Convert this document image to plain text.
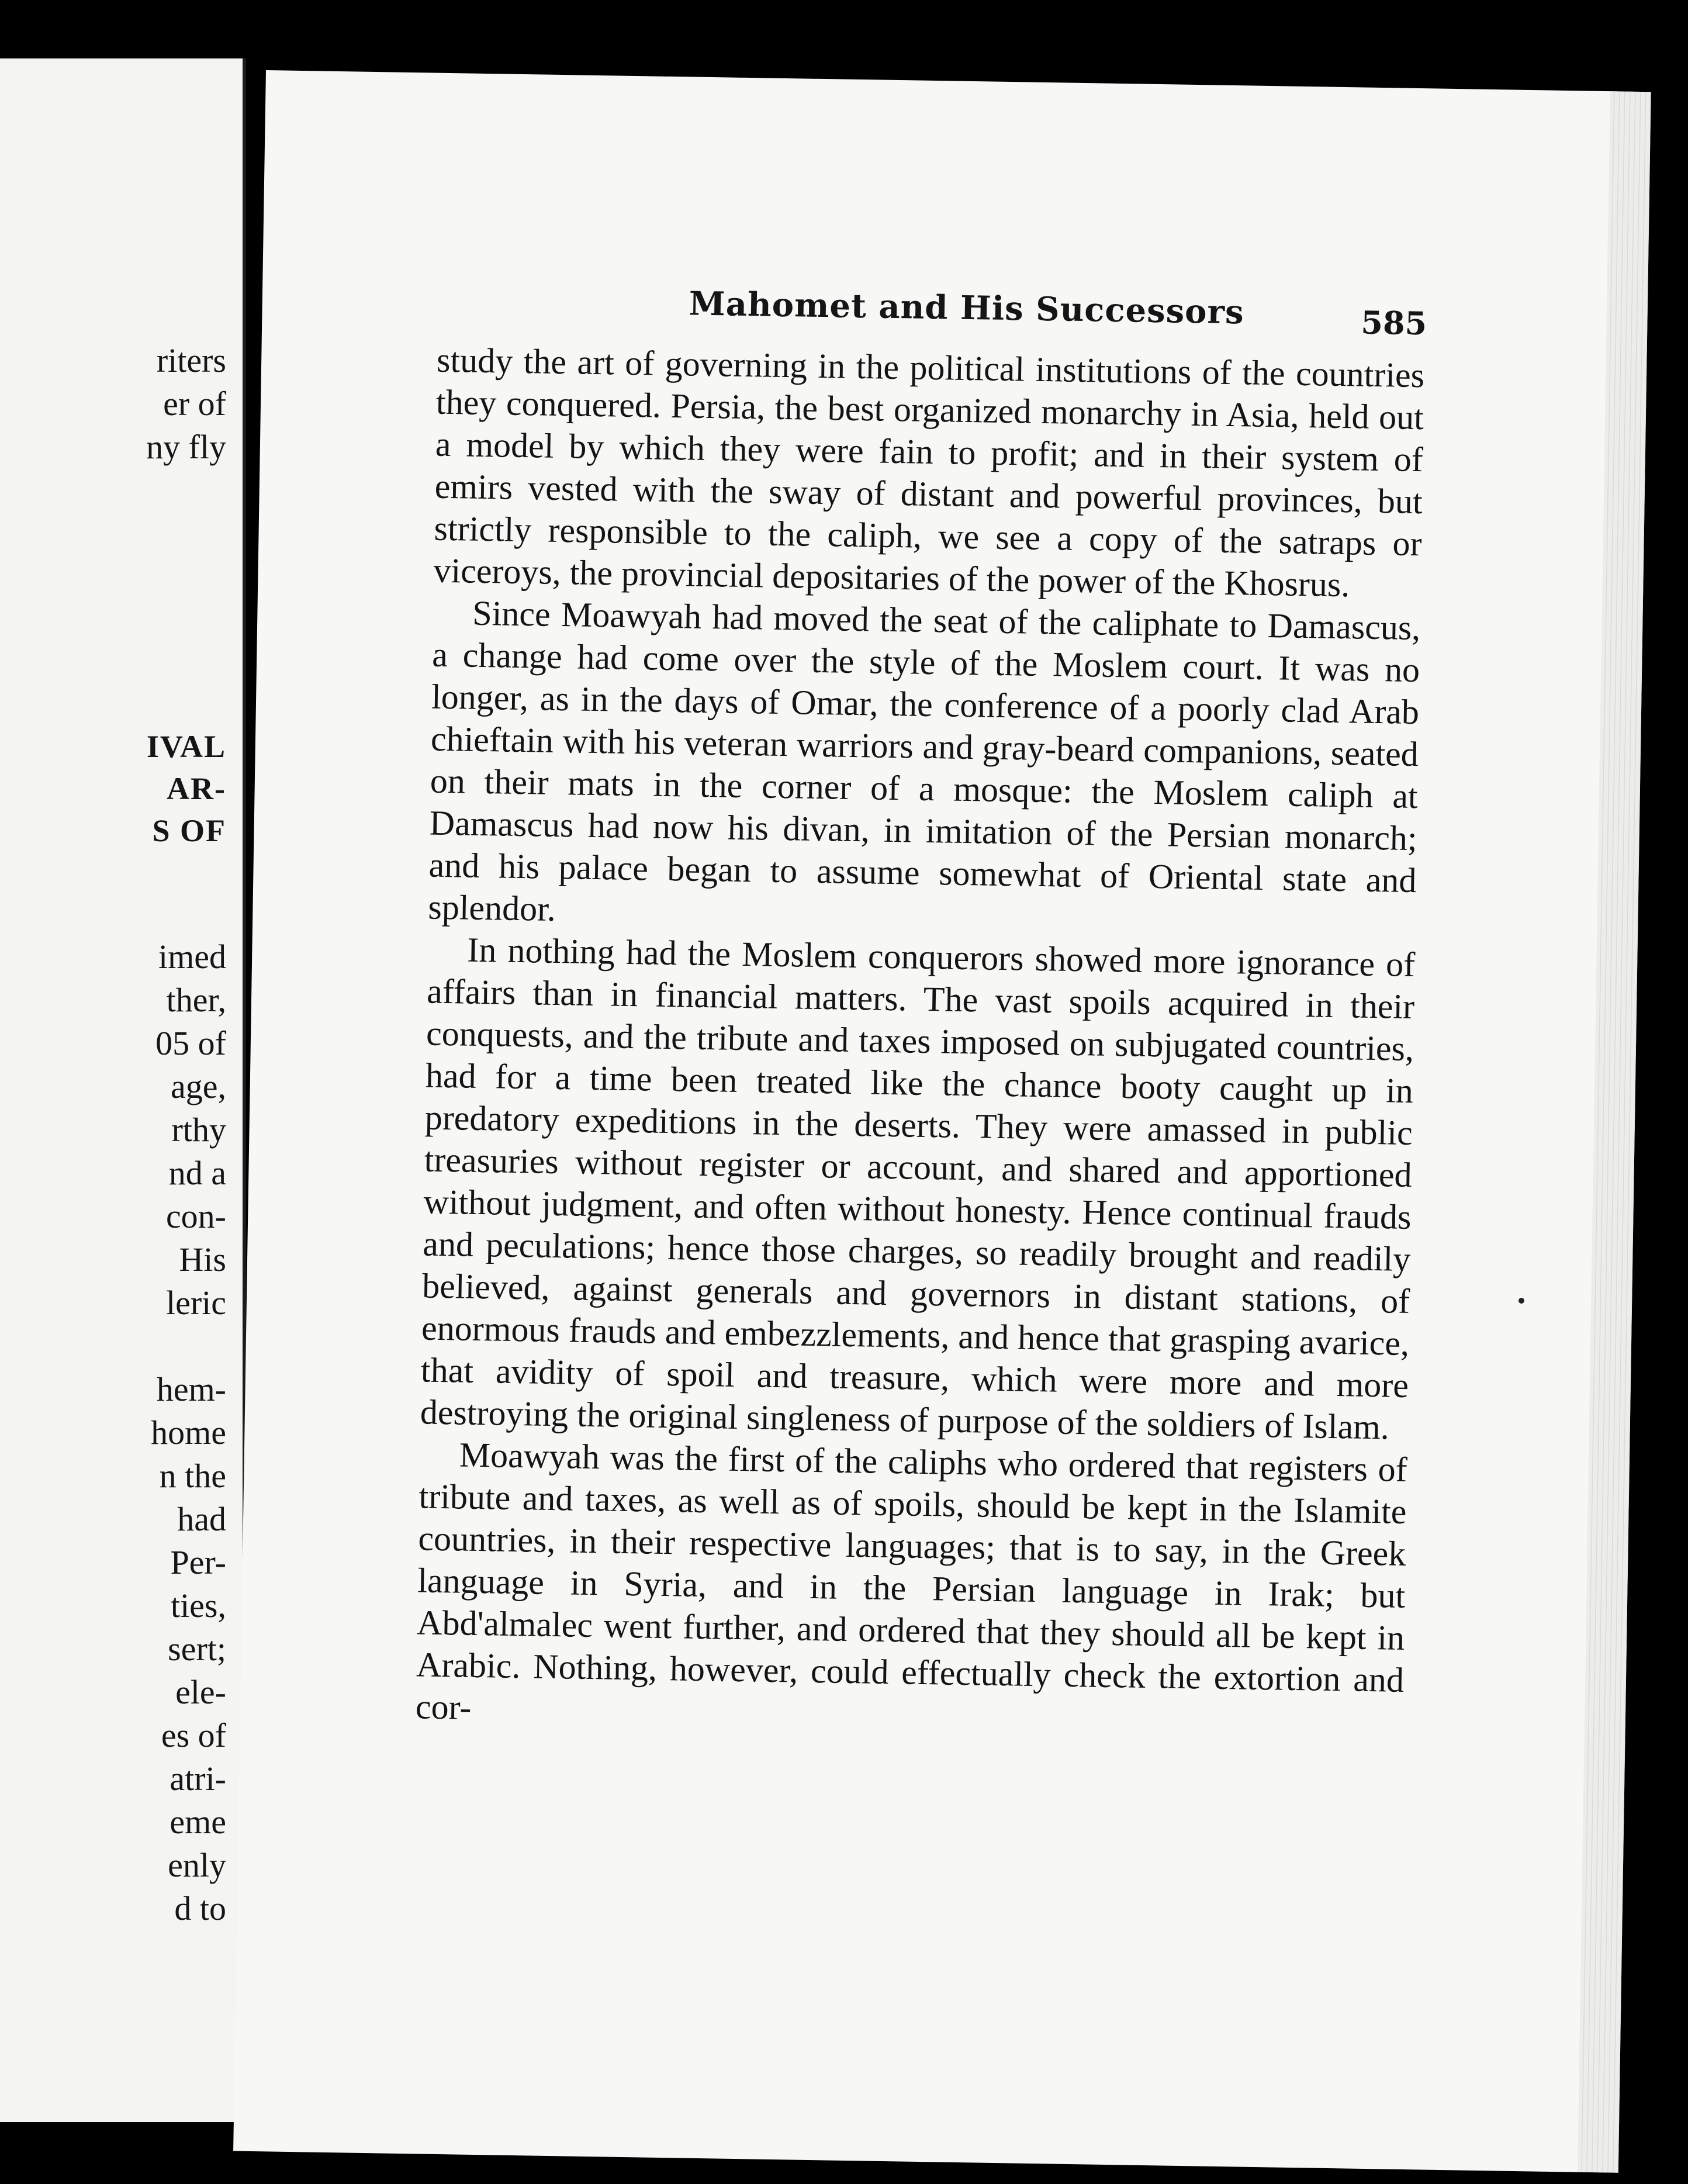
riters
er of
ny fly
IVAL
AR-
S OF
imed
ther,
05 of
age,
rthy
nd a
con-
His
leric
hem-
home
n the
had
Per-
ties,
sert;
ele-
es of
atri-
eme
enly
d to
Mahomet and His Successors	585

study the art of governing in the political institutions of the countries they conquered. Persia, the best organized monarchy in Asia, held out a model by which they were fain to profit; and in their system of emirs vested with the sway of distant and powerful provinces, but strictly responsible to the caliph, we see a copy of the satraps or viceroys, the provincial depositaries of the power of the Khosrus.

Since Moawyah had moved the seat of the caliphate to Damascus, a change had come over the style of the Moslem court. It was no longer, as in the days of Omar, the conference of a poorly clad Arab chieftain with his veteran warriors and gray-beard companions, seated on their mats in the corner of a mosque: the Moslem caliph at Damascus had now his divan, in imitation of the Persian monarch; and his palace began to assume somewhat of Oriental state and splendor.

In nothing had the Moslem conquerors showed more ignorance of affairs than in financial matters. The vast spoils acquired in their conquests, and the tribute and taxes imposed on subjugated countries, had for a time been treated like the chance booty caught up in predatory expeditions in the deserts. They were amassed in public treasuries without register or account, and shared and apportioned without judgment, and often without honesty. Hence continual frauds and peculations; hence those charges, so readily brought and readily believed, against generals and governors in distant stations, of enormous frauds and embezzlements, and hence that grasping avarice, that avidity of spoil and treasure, which were more and more destroying the original singleness of purpose of the soldiers of Islam.

Moawyah was the first of the caliphs who ordered that registers of tribute and taxes, as well as of spoils, should be kept in the Islamite countries, in their respective languages; that is to say, in the Greek language in Syria, and in the Persian language in Irak; but Abd'almalec went further, and ordered that they should all be kept in Arabic. Nothing, however, could effectually check the extortion and cor-
